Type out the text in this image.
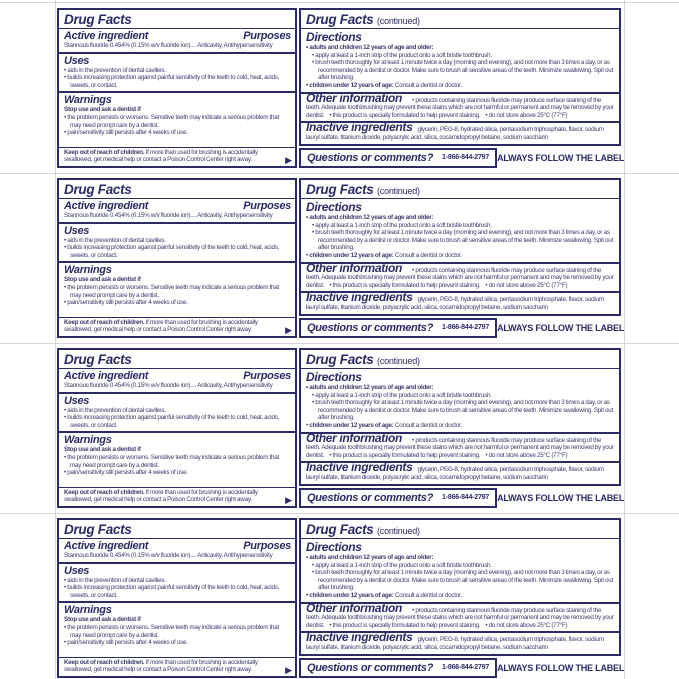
Drug Facts
Active ingredient	Purposes
Stannous fluoride 0.454% (0.15% w/v fluoride ion).... Anticavity, Antihypersensitivity
Uses
• aids in the prevention of dental cavities.
• builds increasing protection against painful sensitivity of the teeth to cold, heat, acids, sweets, or contact.
Warnings
Stop use and ask a dentist if
• the problem persists or worsens. Sensitive teeth may indicate a serious problem that may need prompt care by a dentist.
• pain/sensitivity still persists after 4 weeks of use.
Keep out of reach of children. If more than used for brushing is accidentally swallowed, get medical help or contact a Poison Control Center right away.	▶
Drug Facts (continued)
Directions
• adults and children 12 years of age and older:
• apply at least a 1-inch strip of the product onto a soft bristle toothbrush.
• brush teeth thoroughly for at least 1 minute twice a day (morning and evening), and not more than 3 times a day, or as recommended by a dentist or doctor. Make sure to brush all sensitive areas of the teeth. Minimize swallowing. Spit out after brushing.
• children under 12 years of age: Consult a dentist or doctor.
Other information • products containing stannous fluoride may produce surface staining of the teeth. Adequate toothbrushing may prevent these stains which are not harmful or permanent and may be removed by your dentist. • this product is specially formulated to help prevent staining. • do not store above 25°C (77°F)
Inactive ingredients glycerin, PEG-8, hydrated silica, pentasodium triphosphate, flavor, sodium lauryl sulfate, titanium dioxide, polyacrylic acid, silica, cocamidopropyl betaine, sodium saccharin
Questions or comments? 1-866-844-2797 ALWAYS FOLLOW THE LABEL
Drug Facts
Active ingredient	Purposes
Stannous fluoride 0.454% (0.15% w/v fluoride ion).... Anticavity, Antihypersensitivity
Uses
• aids in the prevention of dental cavities.
• builds increasing protection against painful sensitivity of the teeth to cold, heat, acids, sweets, or contact.
Warnings
Stop use and ask a dentist if
• the problem persists or worsens. Sensitive teeth may indicate a serious problem that may need prompt care by a dentist.
• pain/sensitivity still persists after 4 weeks of use.
Keep out of reach of children. If more than used for brushing is accidentally swallowed, get medical help or contact a Poison Control Center right away.	▶
Drug Facts (continued)
Directions
• adults and children 12 years of age and older:
• apply at least a 1-inch strip of the product onto a soft bristle toothbrush.
• brush teeth thoroughly for at least 1 minute twice a day (morning and evening), and not more than 3 times a day, or as recommended by a dentist or doctor. Make sure to brush all sensitive areas of the teeth. Minimize swallowing. Spit out after brushing.
• children under 12 years of age: Consult a dentist or doctor.
Other information • products containing stannous fluoride may produce surface staining of the teeth. Adequate toothbrushing may prevent these stains which are not harmful or permanent and may be removed by your dentist. • this product is specially formulated to help prevent staining. • do not store above 25°C (77°F)
Inactive ingredients glycerin, PEG-8, hydrated silica, pentasodium triphosphate, flavor, sodium lauryl sulfate, titanium dioxide, polyacrylic acid, silica, cocamidopropyl betaine, sodium saccharin
Questions or comments? 1-866-844-2797 ALWAYS FOLLOW THE LABEL
Drug Facts
Active ingredient	Purposes
Stannous fluoride 0.454% (0.15% w/v fluoride ion).... Anticavity, Antihypersensitivity
Uses
• aids in the prevention of dental cavities.
• builds increasing protection against painful sensitivity of the teeth to cold, heat, acids, sweets, or contact.
Warnings
Stop use and ask a dentist if
• the problem persists or worsens. Sensitive teeth may indicate a serious problem that may need prompt care by a dentist.
• pain/sensitivity still persists after 4 weeks of use.
Keep out of reach of children. If more than used for brushing is accidentally swallowed, get medical help or contact a Poison Control Center right away.	▶
Drug Facts (continued)
Directions
• adults and children 12 years of age and older:
• apply at least a 1-inch strip of the product onto a soft bristle toothbrush.
• brush teeth thoroughly for at least 1 minute twice a day (morning and evening), and not more than 3 times a day, or as recommended by a dentist or doctor. Make sure to brush all sensitive areas of the teeth. Minimize swallowing. Spit out after brushing.
• children under 12 years of age: Consult a dentist or doctor.
Other information • products containing stannous fluoride may produce surface staining of the teeth. Adequate toothbrushing may prevent these stains which are not harmful or permanent and may be removed by your dentist. • this product is specially formulated to help prevent staining. • do not store above 25°C (77°F)
Inactive ingredients glycerin, PEG-8, hydrated silica, pentasodium triphosphate, flavor, sodium lauryl sulfate, titanium dioxide, polyacrylic acid, silica, cocamidopropyl betaine, sodium saccharin
Questions or comments? 1-866-844-2797 ALWAYS FOLLOW THE LABEL
Drug Facts
Active ingredient	Purposes
Stannous fluoride 0.454% (0.15% w/v fluoride ion).... Anticavity, Antihypersensitivity
Uses
• aids in the prevention of dental cavities.
• builds increasing protection against painful sensitivity of the teeth to cold, heat, acids, sweets, or contact.
Warnings
Stop use and ask a dentist if
• the problem persists or worsens. Sensitive teeth may indicate a serious problem that may need prompt care by a dentist.
• pain/sensitivity still persists after 4 weeks of use.
Keep out of reach of children. If more than used for brushing is accidentally swallowed, get medical help or contact a Poison Control Center right away.	▶
Drug Facts (continued)
Directions
• adults and children 12 years of age and older:
• apply at least a 1-inch strip of the product onto a soft bristle toothbrush.
• brush teeth thoroughly for at least 1 minute twice a day (morning and evening), and not more than 3 times a day, or as recommended by a dentist or doctor. Make sure to brush all sensitive areas of the teeth. Minimize swallowing. Spit out after brushing.
• children under 12 years of age: Consult a dentist or doctor.
Other information • products containing stannous fluoride may produce surface staining of the teeth. Adequate toothbrushing may prevent these stains which are not harmful or permanent and may be removed by your dentist. • this product is specially formulated to help prevent staining. • do not store above 25°C (77°F)
Inactive ingredients glycerin, PEG-8, hydrated silica, pentasodium triphosphate, flavor, sodium lauryl sulfate, titanium dioxide, polyacrylic acid, silica, cocamidopropyl betaine, sodium saccharin
Questions or comments? 1-866-844-2797 ALWAYS FOLLOW THE LABEL
